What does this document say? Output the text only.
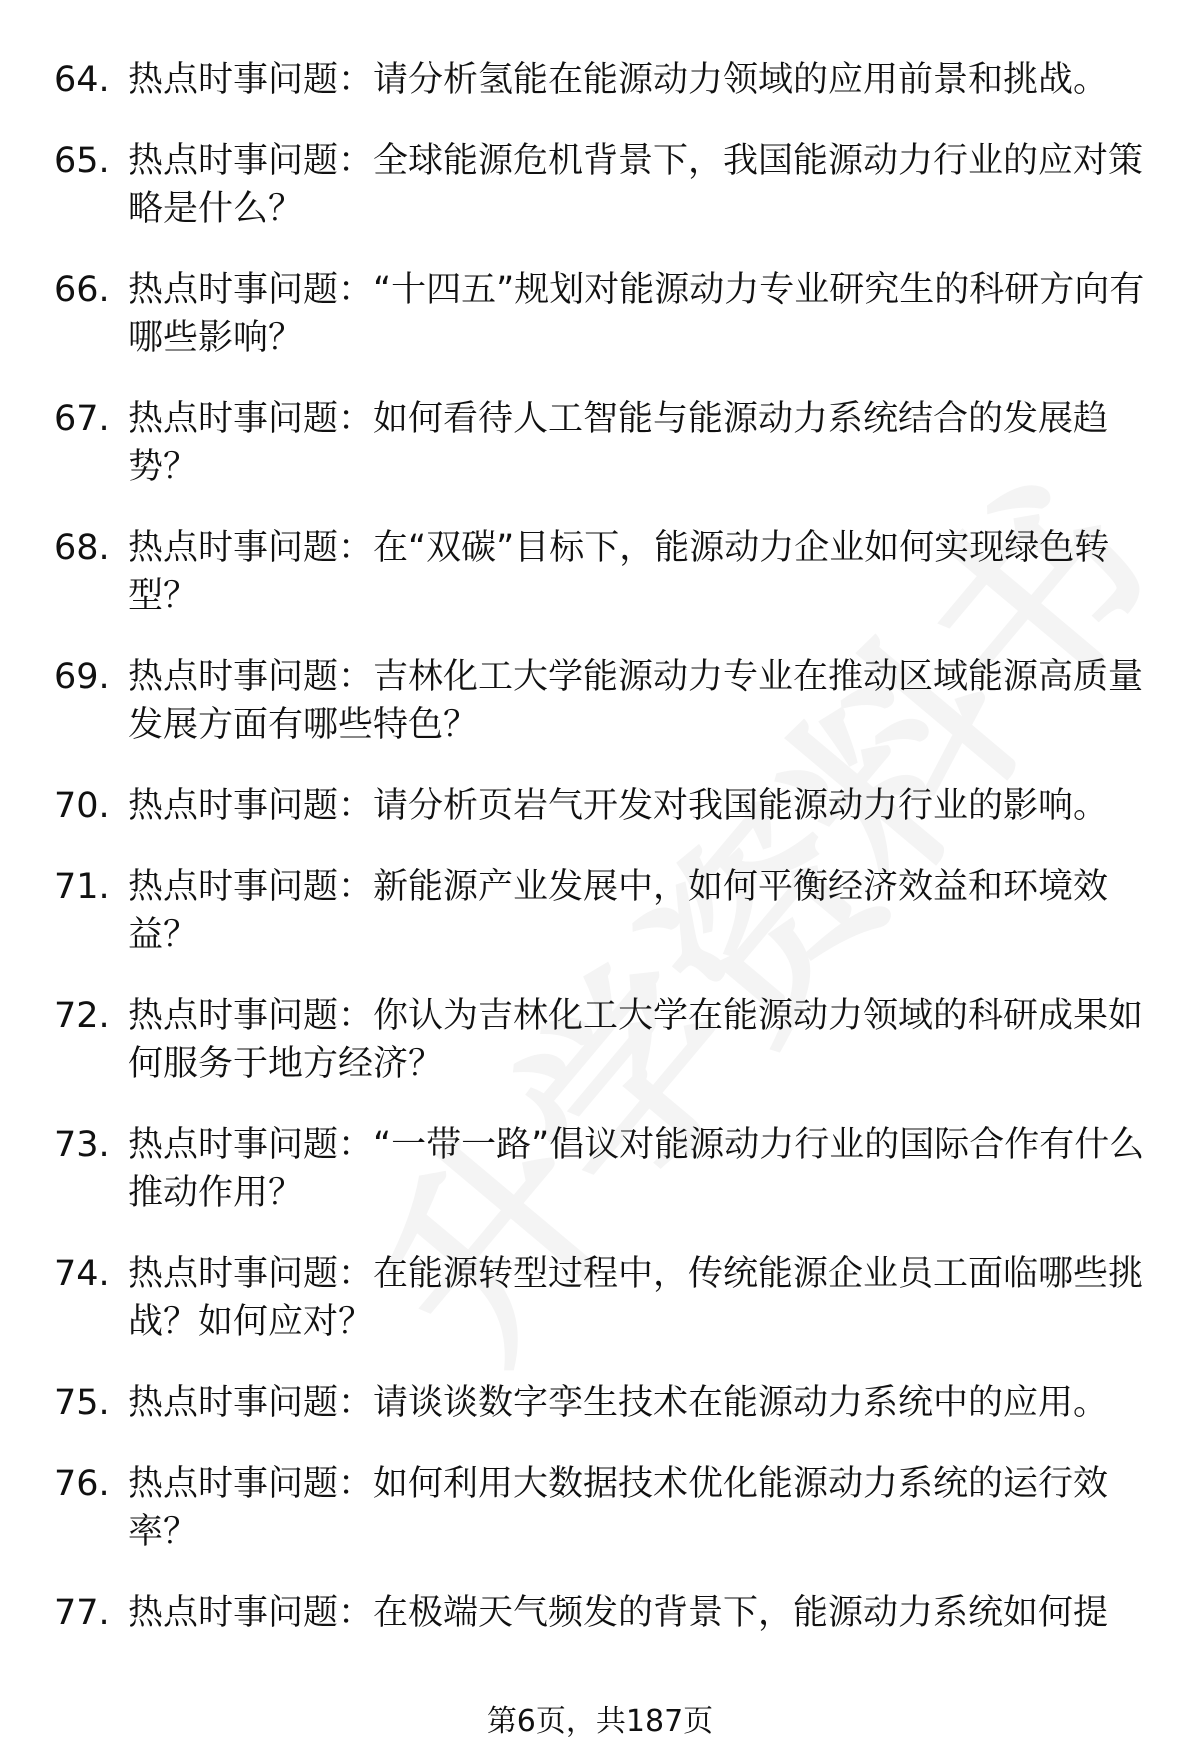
64. 热点时事问题：请分析氢能在能源动力领域的应用前景和挑战。
65. 热点时事问题：全球能源危机背景下，我国能源动力行业的应对策略是什么？
66. 热点时事问题：“十四五”规划对能源动力专业研究生的科研方向有哪些影响？
67. 热点时事问题：如何看待人工智能与能源动力系统结合的发展趋势？
68. 热点时事问题：在“双碳”目标下，能源动力企业如何实现绿色转型？
69. 热点时事问题：吉林化工大学能源动力专业在推动区域能源高质量发展方面有哪些特色？
70. 热点时事问题：请分析页岩气开发对我国能源动力行业的影响。
71. 热点时事问题：新能源产业发展中，如何平衡经济效益和环境效益？
72. 热点时事问题：你认为吉林化工大学在能源动力领域的科研成果如何服务于地方经济？
73. 热点时事问题：“一带一路”倡议对能源动力行业的国际合作有什么推动作用？
74. 热点时事问题：在能源转型过程中，传统能源企业员工面临哪些挑战？如何应对？
75. 热点时事问题：请谈谈数字孪生技术在能源动力系统中的应用。
76. 热点时事问题：如何利用大数据技术优化能源动力系统的运行效率？
77. 热点时事问题：在极端天气频发的背景下，能源动力系统如何提
第6页，共187页
